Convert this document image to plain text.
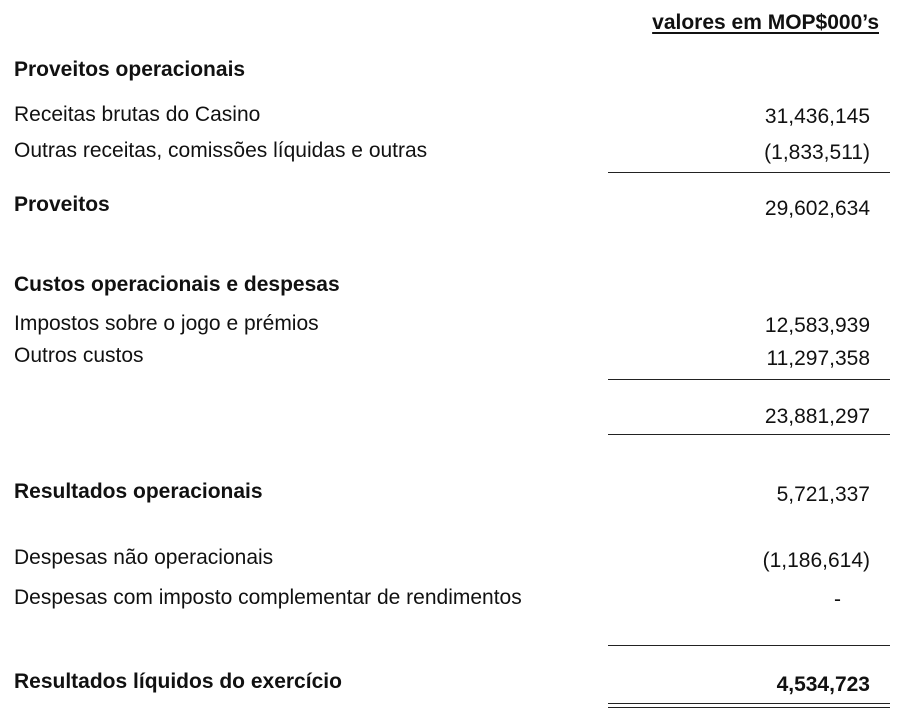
valores em MOP$000’s
Proveitos operacionais
Receitas brutas do Casino	31,436,145
Outras receitas, comissões líquidas e outras	(1,833,511)
Proveitos	29,602,634
Custos operacionais e despesas
Impostos sobre o jogo e prémios	12,583,939
Outros custos	11,297,358
23,881,297
Resultados operacionais	5,721,337
Despesas não operacionais	(1,186,614)
Despesas com imposto complementar de rendimentos	-
Resultados líquidos do exercício	4,534,723
